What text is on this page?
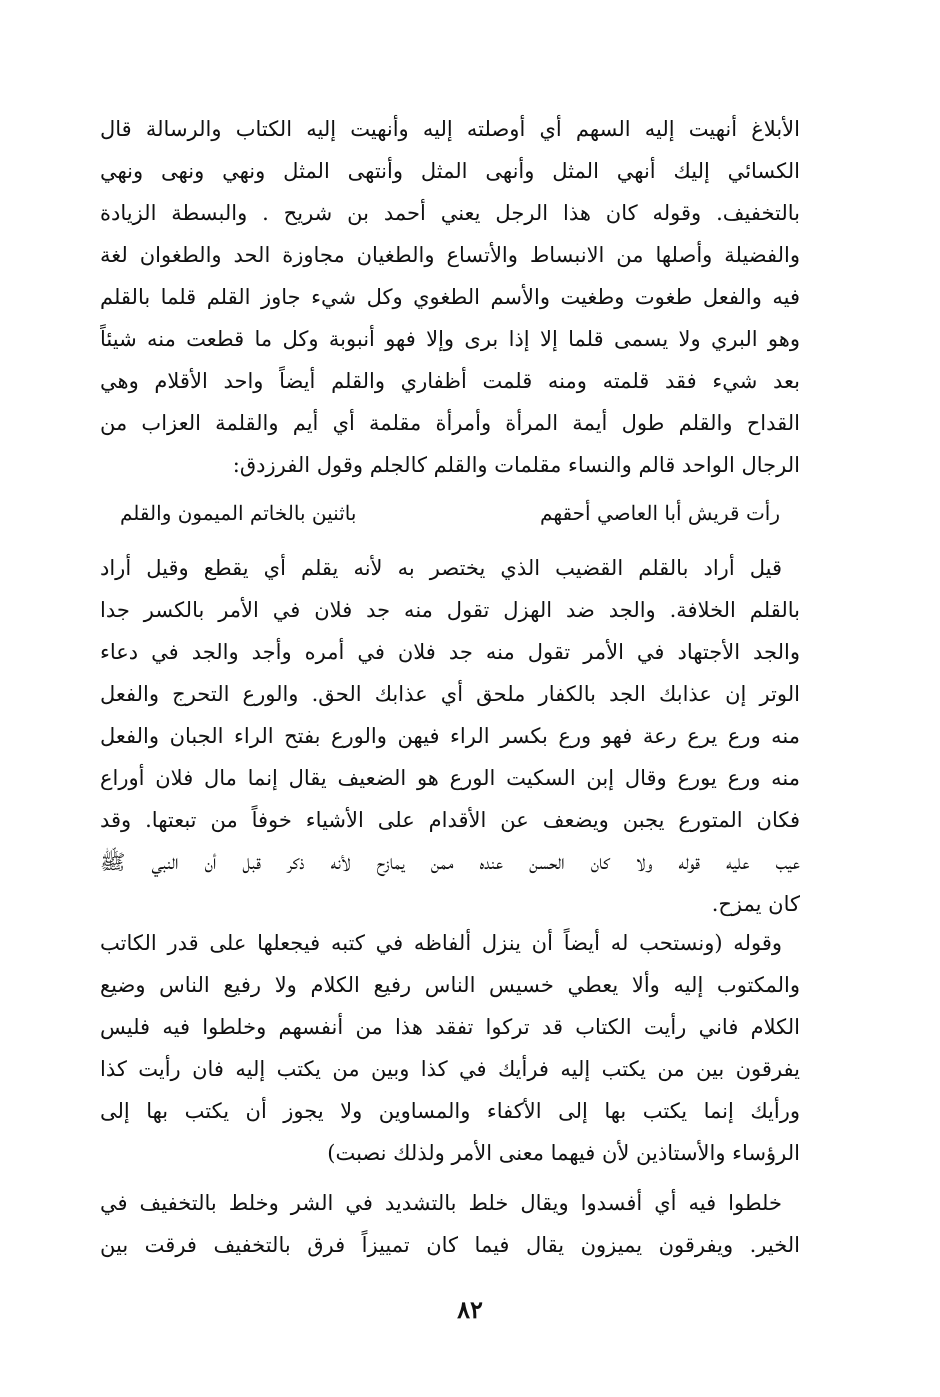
الأبلاغ أنهيت إليه السهم أي أوصلته إليه وأنهيت إليه الكتاب والرسالة قال
الكسائي إليك أنهي المثل وأنهى المثل وأنتهى المثل ونهي ونهى ونهي
بالتخفيف. وقوله كان هذا الرجل يعني أحمد بن شريح . والبسطة الزيادة
والفضيلة وأصلها من الانبساط والأتساع والطغيان مجاوزة الحد والطغوان لغة
فيه والفعل طغوت وطغيت والأسم الطغوي وكل شيء جاوز القلم قلما بالقلم
وهو البري ولا يسمى قلما إلا إذا برى وإلا فهو أنبوبة وكل ما قطعت منه شيئاً
بعد شيء فقد قلمته ومنه قلمت أظفاري والقلم أيضاً واحد الأقلام وهي
القداح والقلم طول أيمة المرأة وأمرأة مقلمة أي أيم والقلمة العزاب من
الرجال الواحد قالم والنساء مقلمات والقلم كالجلم وقول الفرزدق:
رأت قريش أبا العاصي أحقهم
باثنين بالخاتم الميمون والقلم
قيل أراد بالقلم القضيب الذي يختصر به لأنه يقلم أي يقطع وقيل أراد
بالقلم الخلافة. والجد ضد الهزل تقول منه جد فلان في الأمر بالكسر جدا
والجد الأجتهاد في الأمر تقول منه جد فلان في أمره وأجد والجد في دعاء
الوتر إن عذابك الجد بالكفار ملحق أي عذابك الحق. والورع التحرج والفعل
منه ورع يرع رعة فهو ورع بكسر الراء فيهن والورع بفتح الراء الجبان والفعل
منه ورع يورع وقال إبن السكيت الورع هو الضعيف يقال إنما مال فلان أوراع
فكان المتورع يجبن ويضعف عن الأقدام على الأشياء خوفاً من تبعتها. وقد
عيب عليه قوله ولا كان الحسن عنده ممن يمازح لأنه ذكر قبل أن النبي ﷺ
كان يمزح.
وقوله (ونستحب له أيضاً أن ينزل ألفاظه في كتبه فيجعلها على قدر الكاتب
والمكتوب إليه وألا يعطي خسيس الناس رفيع الكلام ولا رفيع الناس وضيع
الكلام فاني رأيت الكتاب قد تركوا تفقد هذا من أنفسهم وخلطوا فيه فليس
يفرقون بين من يكتب إليه فرأيك في كذا وبين من يكتب إليه فان رأيت كذا
ورأيك إنما يكتب بها إلى الأكفاء والمساوين ولا يجوز أن يكتب بها إلى
الرؤساء والأستاذين لأن فيهما معنى الأمر ولذلك نصبت)
خلطوا فيه أي أفسدوا ويقال خلط بالتشديد في الشر وخلط بالتخفيف في
الخير. ويفرقون يميزون يقال فيما كان تمييزاً فرق بالتخفيف فرقت بين
٨٢
